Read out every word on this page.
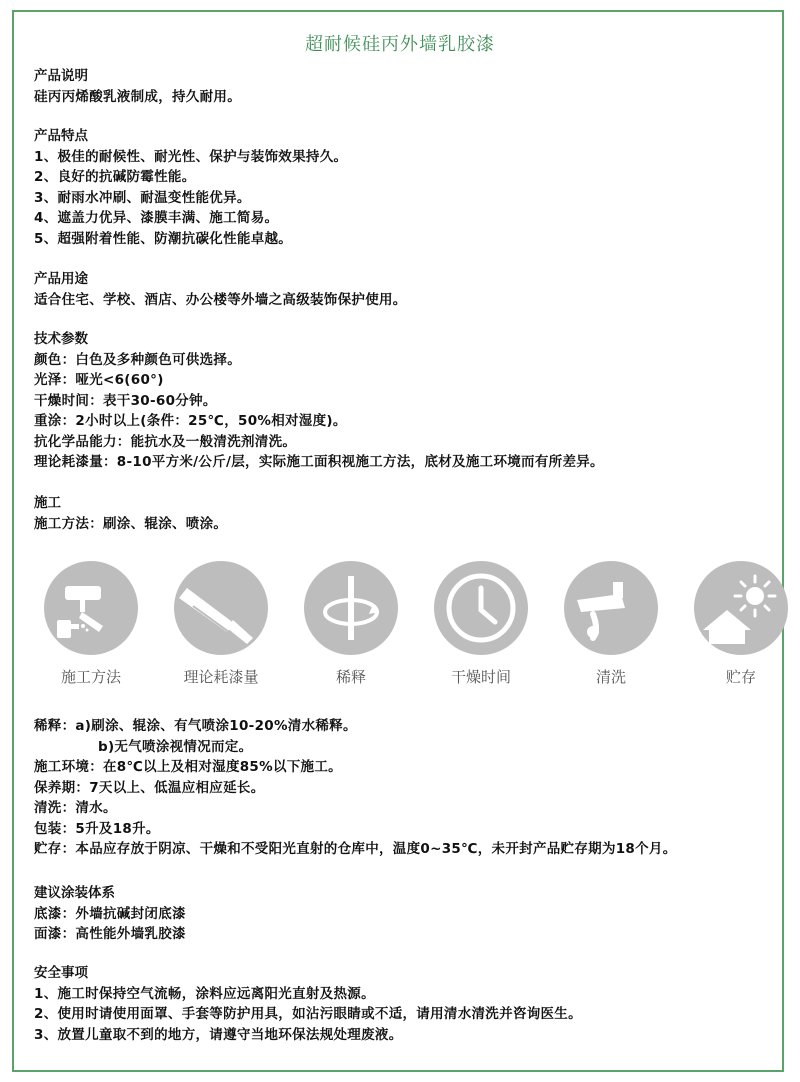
超耐候硅丙外墙乳胶漆
产品说明
硅丙丙烯酸乳液制成，持久耐用。
产品特点
1、极佳的耐候性、耐光性、保护与装饰效果持久。
2、良好的抗碱防霉性能。
3、耐雨水冲刷、耐温变性能优异。
4、遮盖力优异、漆膜丰满、施工简易。
5、超强附着性能、防潮抗碳化性能卓越。
产品用途
适合住宅、学校、酒店、办公楼等外墙之高级装饰保护使用。
技术参数
颜色：白色及多种颜色可供选择。
光泽：哑光<6(60°)
干燥时间：表干30-60分钟。
重涂：2小时以上(条件：25℃，50%相对湿度)。
抗化学品能力：能抗水及一般清洗剂清洗。
理论耗漆量：8-10平方米/公斤/层，实际施工面积视施工方法，底材及施工环境而有所差异。
施工
施工方法：刷涂、辊涂、喷涂。
施工方法	理论耗漆量	稀释	干燥时间	清洗	贮存
稀释：a)刷涂、辊涂、有气喷涂10-20%清水稀释。
b)无气喷涂视情况而定。
施工环境：在8℃以上及相对湿度85%以下施工。
保养期：7天以上、低温应相应延长。
清洗：清水。
包装：5升及18升。
贮存：本品应存放于阴凉、干燥和不受阳光直射的仓库中，温度0~35℃，未开封产品贮存期为18个月。
建议涂装体系
底漆：外墙抗碱封闭底漆
面漆：高性能外墙乳胶漆
安全事项
1、施工时保持空气流畅，涂料应远离阳光直射及热源。
2、使用时请使用面罩、手套等防护用具，如沾污眼睛或不适，请用清水清洗并咨询医生。
3、放置儿童取不到的地方，请遵守当地环保法规处理废液。
